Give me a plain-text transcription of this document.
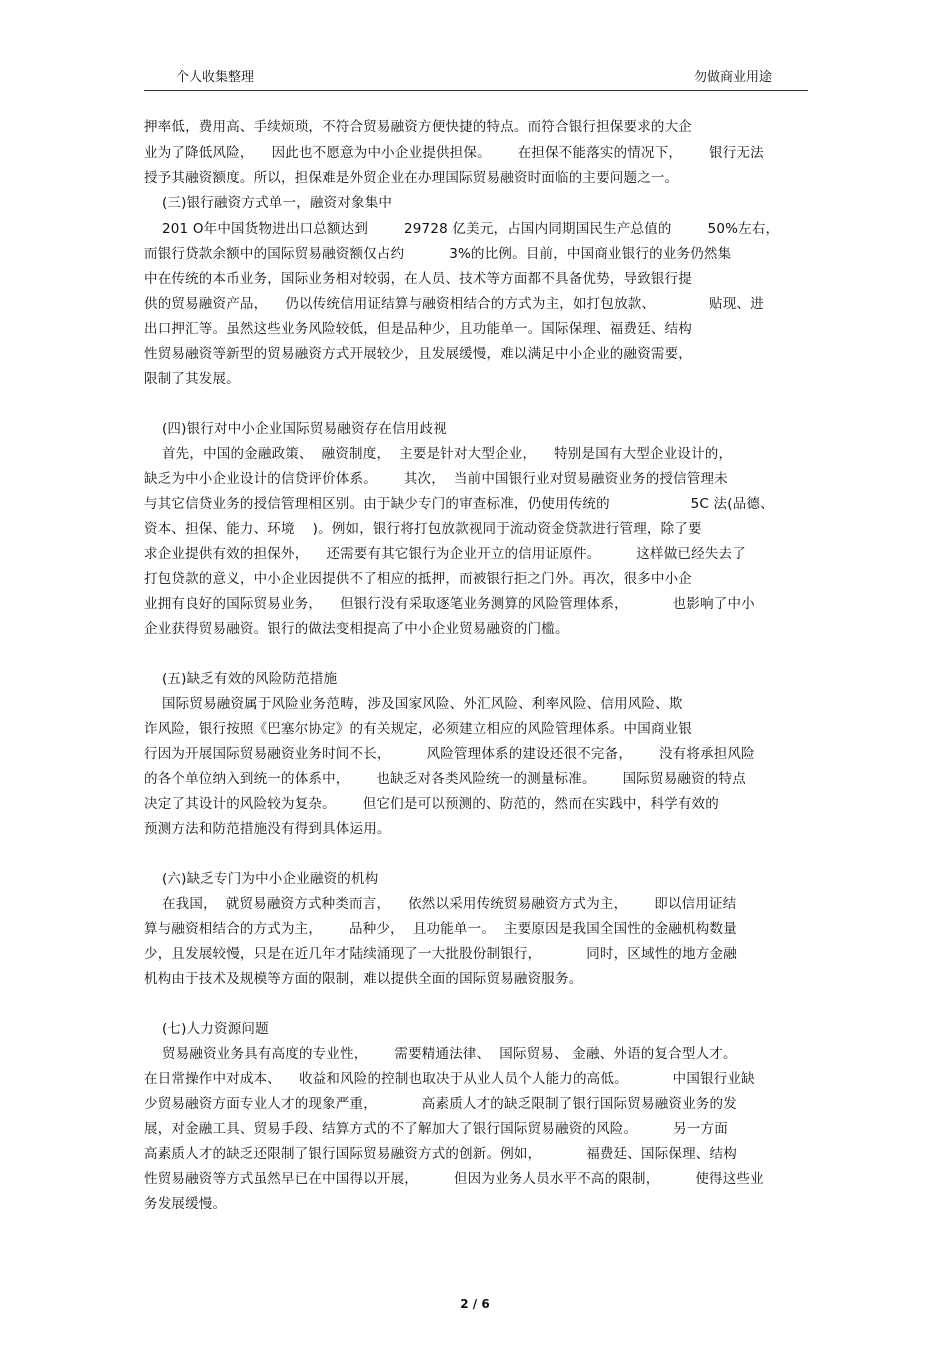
个人收集整理	勿做商业用途
押率低，费用高、手续烦琐，不符合贸易融资方便快捷的特点。而符合银行担保要求的大企
业为了降低风险，    因此也不愿意为中小企业提供担保。      在担保不能落实的情况下，      银行无法
授予其融资额度。所以，担保难是外贸企业在办理国际贸易融资时面临的主要问题之一。
(三)银行融资方式单一，融资对象集中
201 O年中国货物进出口总额达到        29728 亿美元，占国内同期国民生产总值的        50%左右，
而银行贷款余额中的国际贸易融资额仅占约          3%的比例。目前，中国商业银行的业务仍然集
中在传统的本币业务，国际业务相对较弱，在人员、技术等方面都不具备优势，导致银行提
供的贸易融资产品，    仍以传统信用证结算与融资相结合的方式为主，如打包放款、            贴现、进
出口押汇等。虽然这些业务风险较低，但是品种少，且功能单一。国际保理、福费廷、结构
性贸易融资等新型的贸易融资方式开展较少，且发展缓慢，难以满足中小企业的融资需要，
限制了其发展。
(四)银行对中小企业国际贸易融资存在信用歧视
首先，中国的金融政策、  融资制度，  主要是针对大型企业，    特别是国有大型企业设计的，
缺乏为中小企业设计的信贷评价体系。      其次，  当前中国银行业对贸易融资业务的授信管理未
与其它信贷业务的授信管理相区别。由于缺少专门的审查标准，仍使用传统的                  5C 法(品德、
资本、担保、能力、环境    )。例如，银行将打包放款视同于流动资金贷款进行管理，除了要
求企业提供有效的担保外，    还需要有其它银行为企业开立的信用证原件。        这样做已经失去了
打包贷款的意义，中小企业因提供不了相应的抵押，而被银行拒之门外。再次，很多中小企
业拥有良好的国际贸易业务，    但银行没有采取逐笔业务测算的风险管理体系，          也影响了中小
企业获得贸易融资。银行的做法变相提高了中小企业贸易融资的门槛。
(五)缺乏有效的风险防范措施
国际贸易融资属于风险业务范畴，涉及国家风险、外汇风险、利率风险、信用风险、欺
诈风险，银行按照《巴塞尔协定》的有关规定，必须建立相应的风险管理体系。中国商业银
行因为开展国际贸易融资业务时间不长，        风险管理体系的建设还很不完备，      没有将承担风险
的各个单位纳入到统一的体系中，      也缺乏对各类风险统一的测量标准。      国际贸易融资的特点
决定了其设计的风险较为复杂。      但它们是可以预测的、防范的，然而在实践中，科学有效的
预测方法和防范措施没有得到具体运用。
(六)缺乏专门为中小企业融资的机构
在我国，  就贸易融资方式种类而言，    依然以采用传统贸易融资方式为主，      即以信用证结
算与融资相结合的方式为主，      品种少，  且功能单一。  主要原因是我国全国性的金融机构数量
少，且发展较慢，只是在近几年才陆续涌现了一大批股份制银行，          同时，区域性的地方金融
机构由于技术及规模等方面的限制，难以提供全面的国际贸易融资服务。
(七)人力资源问题
贸易融资业务具有高度的专业性，      需要精通法律、  国际贸易、 金融、外语的复合型人才。
在日常操作中对成本、    收益和风险的控制也取决于从业人员个人能力的高低。          中国银行业缺
少贸易融资方面专业人才的现象严重，          高素质人才的缺乏限制了银行国际贸易融资业务的发
展，对金融工具、贸易手段、结算方式的不了解加大了银行国际贸易融资的风险。        另一方面
高素质人才的缺乏还限制了银行国际贸易融资方式的创新。例如，          福费廷、国际保理、结构
性贸易融资等方式虽然早已在中国得以开展，        但因为业务人员水平不高的限制，        使得这些业
务发展缓慢。
2 / 6
